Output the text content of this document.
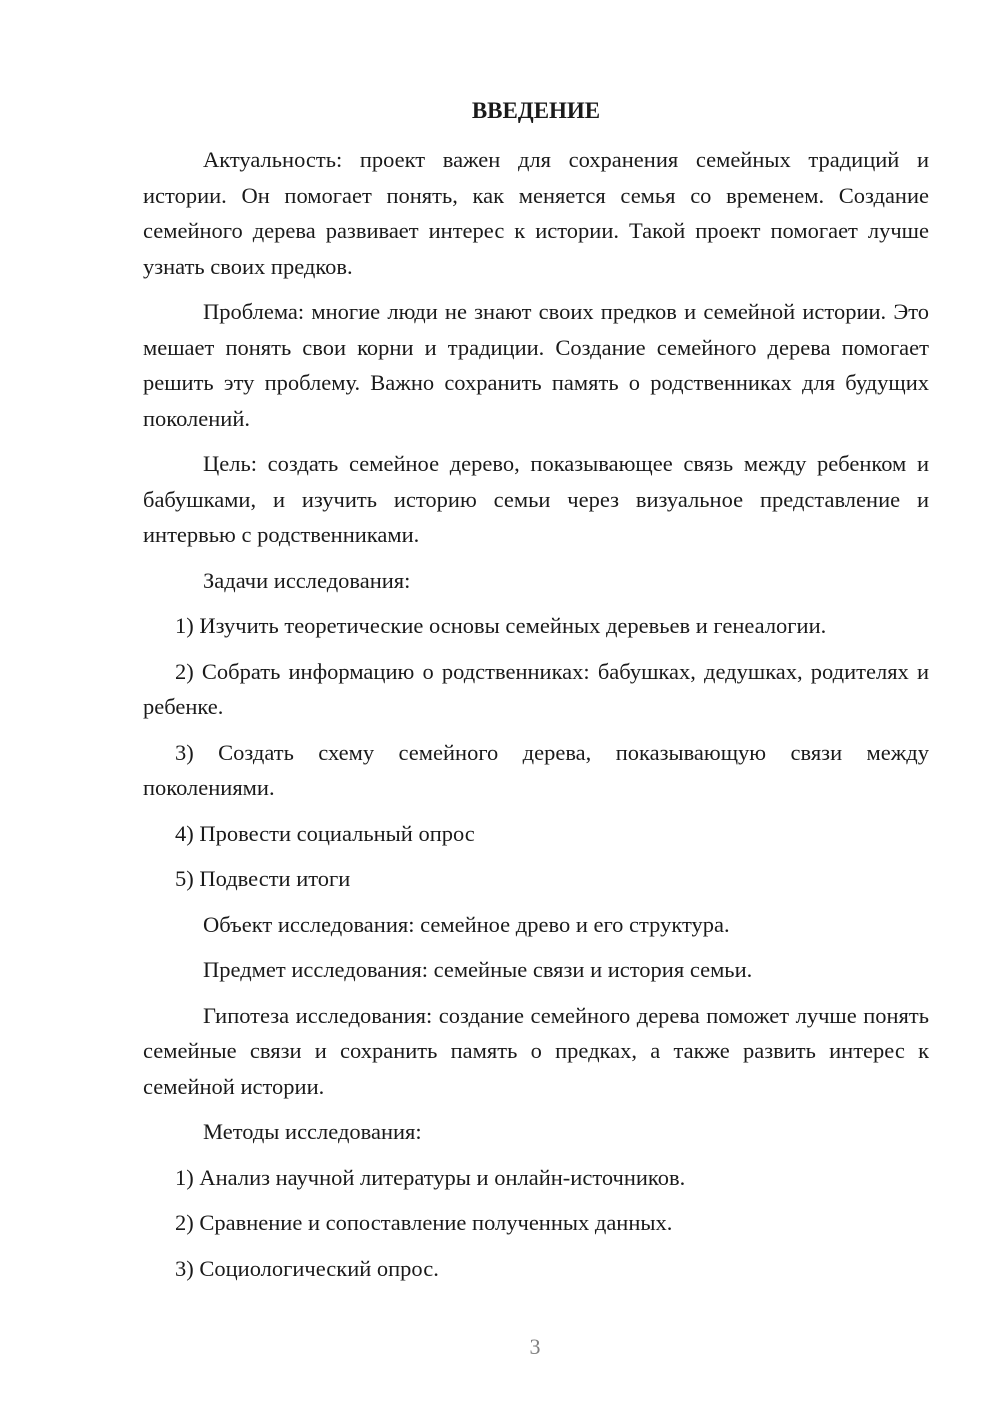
ВВЕДЕНИЕ

Актуальность: проект важен для сохранения семейных традиций и истории. Он помогает понять, как меняется семья со временем. Создание семейного дерева развивает интерес к истории. Такой проект помогает лучше узнать своих предков.

Проблема: многие люди не знают своих предков и семейной истории. Это мешает понять свои корни и традиции. Создание семейного дерева помогает решить эту проблему. Важно сохранить память о родственниках для будущих поколений.

Цель: создать семейное дерево, показывающее связь между ребенком и бабушками, и изучить историю семьи через визуальное представление и интервью с родственниками.

Задачи исследования:

1) Изучить теоретические основы семейных деревьев и генеалогии.

2) Собрать информацию о родственниках: бабушках, дедушках, родителях и ребенке.

3) Создать схему семейного дерева, показывающую связи между поколениями.

4) Провести социальный опрос

5) Подвести итоги

Объект исследования: семейное древо и его структура.

Предмет исследования: семейные связи и история семьи.

Гипотеза исследования: создание семейного дерева поможет лучше понять семейные связи и сохранить память о предках, а также развить интерес к семейной истории.

Методы исследования:

1) Анализ научной литературы и онлайн-источников.

2) Сравнение и сопоставление полученных данных.

3) Социологический опрос.

3
